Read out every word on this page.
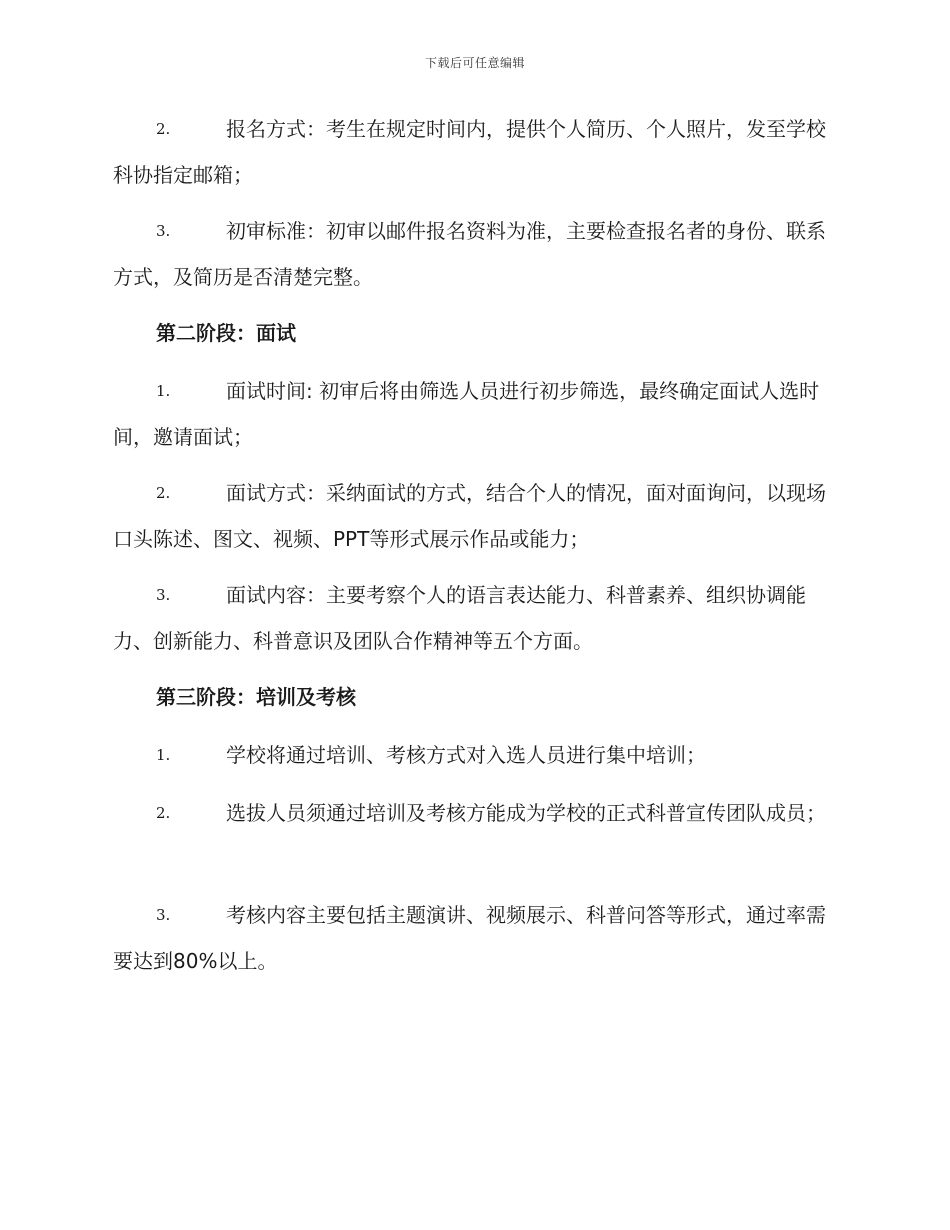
下载后可任意编辑
2.	报名方式：考生在规定时间内，提供个人简历、个人照片，发至学校科协指定邮箱；
3.	初审标准：初审以邮件报名资料为准，主要检查报名者的身份、联系方式，及简历是否清楚完整。
第二阶段：面试
1.	面试时间: 初审后将由筛选人员进行初步筛选，最终确定面试人选时间，邀请面试；
2.	面试方式：采纳面试的方式，结合个人的情况，面对面询问，以现场口头陈述、图文、视频、PPT等形式展示作品或能力；
3.	面试内容：主要考察个人的语言表达能力、科普素养、组织协调能力、创新能力、科普意识及团队合作精神等五个方面。
第三阶段：培训及考核
1.	学校将通过培训、考核方式对入选人员进行集中培训；
2.	选拔人员须通过培训及考核方能成为学校的正式科普宣传团队成员；
3.	考核内容主要包括主题演讲、视频展示、科普问答等形式，通过率需要达到80%以上。
